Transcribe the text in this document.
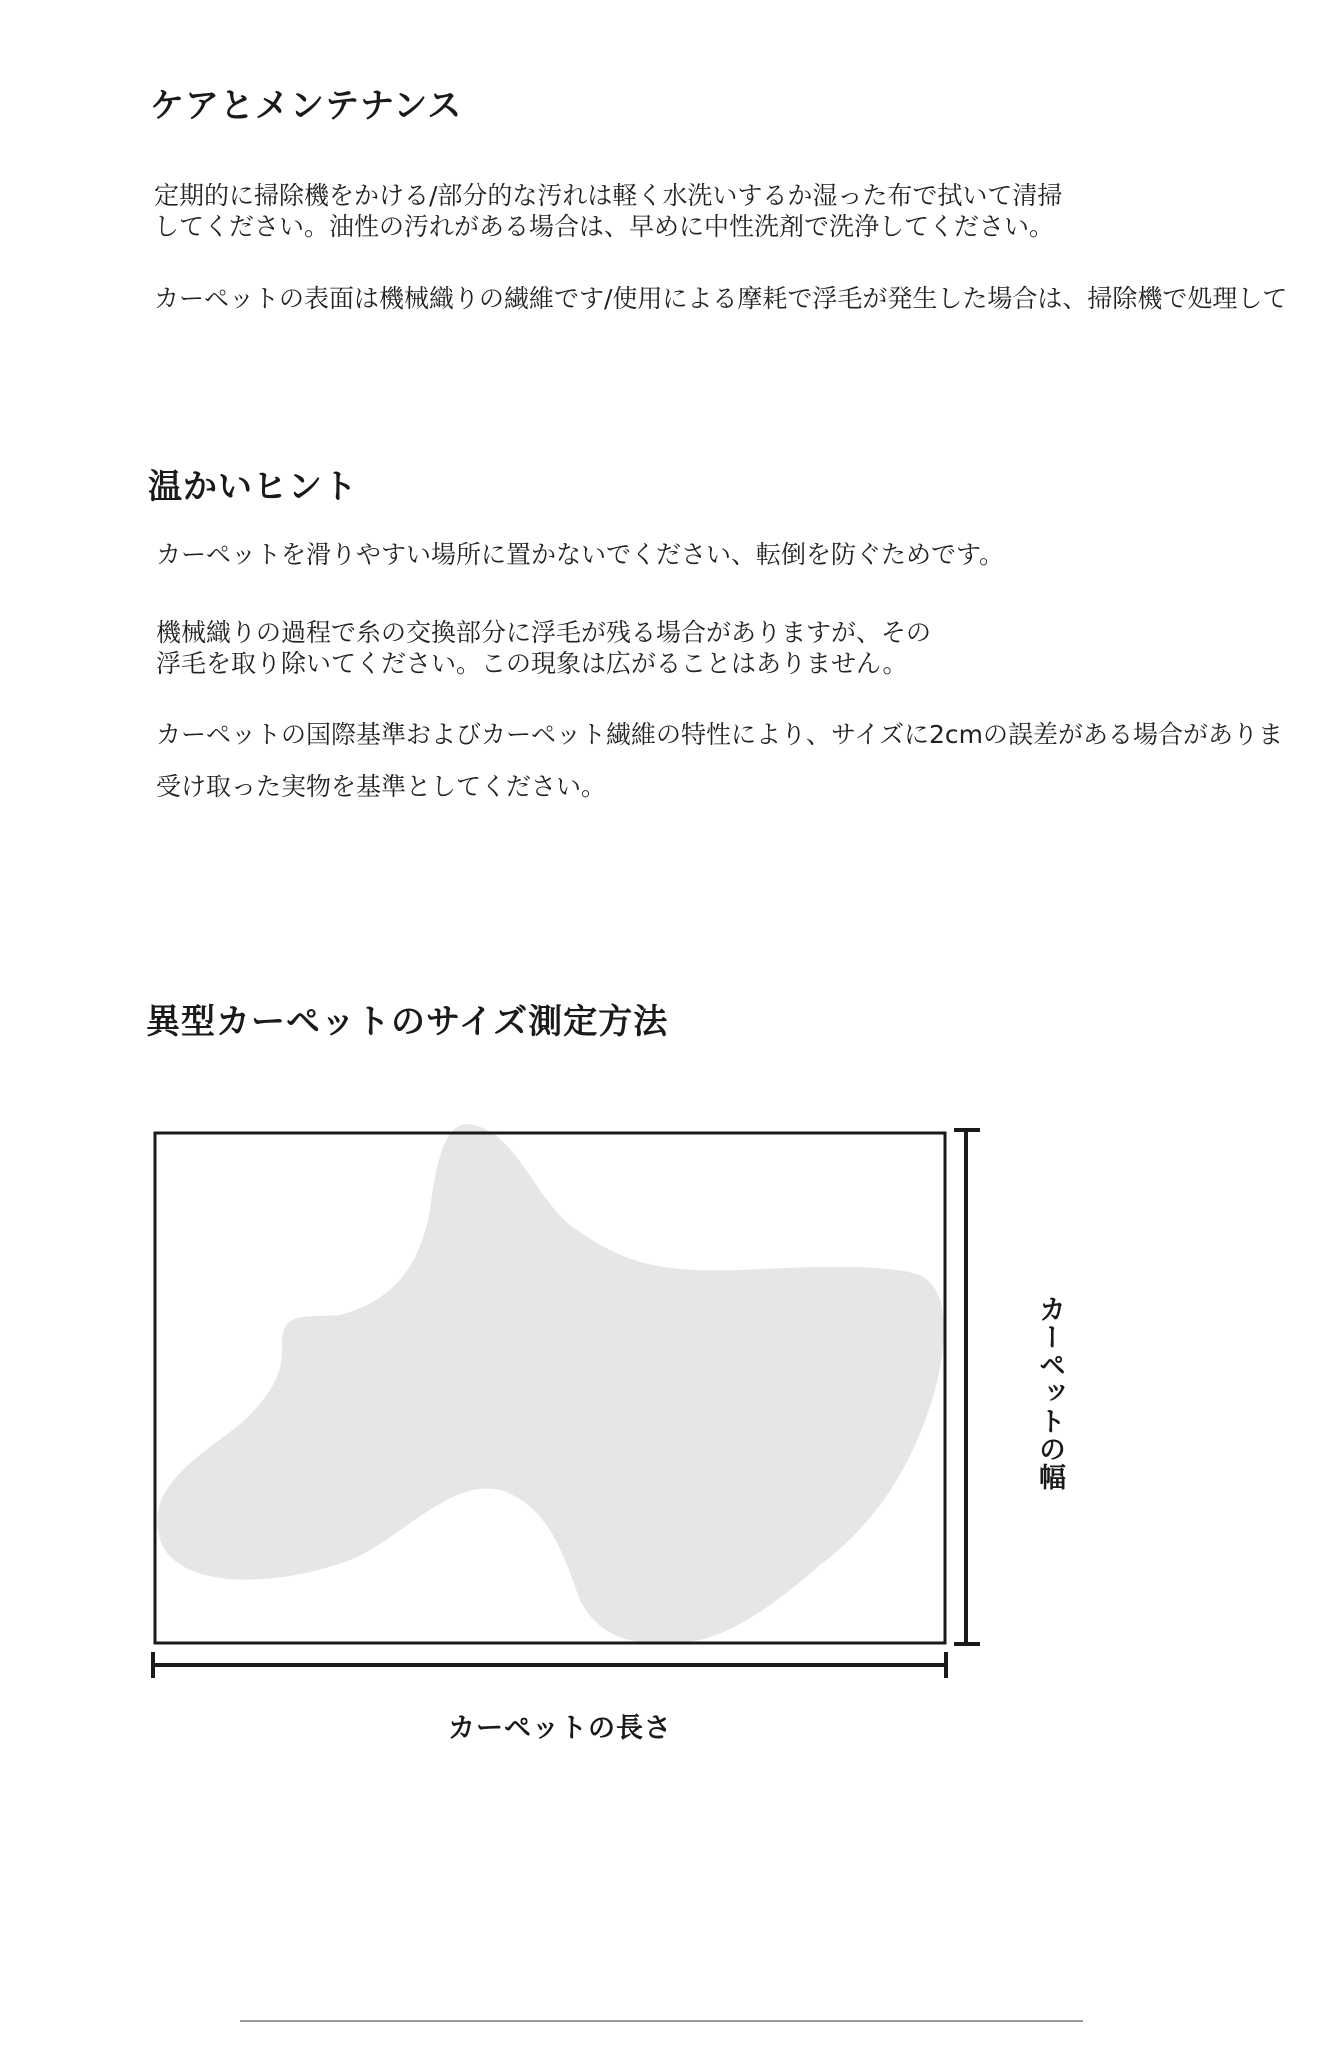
ケアとメンテナンス

定期的に掃除機をかける/部分的な汚れは軽く水洗いするか湿った布で拭いて清掃
してください。油性の汚れがある場合は、早めに中性洗剤で洗浄してください。

カーペットの表面は機械織りの繊維です/使用による摩耗で浮毛が発生した場合は、掃除機で処理して

温かいヒント

カーペットを滑りやすい場所に置かないでください、転倒を防ぐためです。

機械織りの過程で糸の交換部分に浮毛が残る場合がありますが、その
浮毛を取り除いてください。この現象は広がることはありません。

カーペットの国際基準およびカーペット繊維の特性により、サイズに2cmの誤差がある場合がありま

受け取った実物を基準としてください。

異型カーペットのサイズ測定方法
カーペットの幅
カーペットの長さ
